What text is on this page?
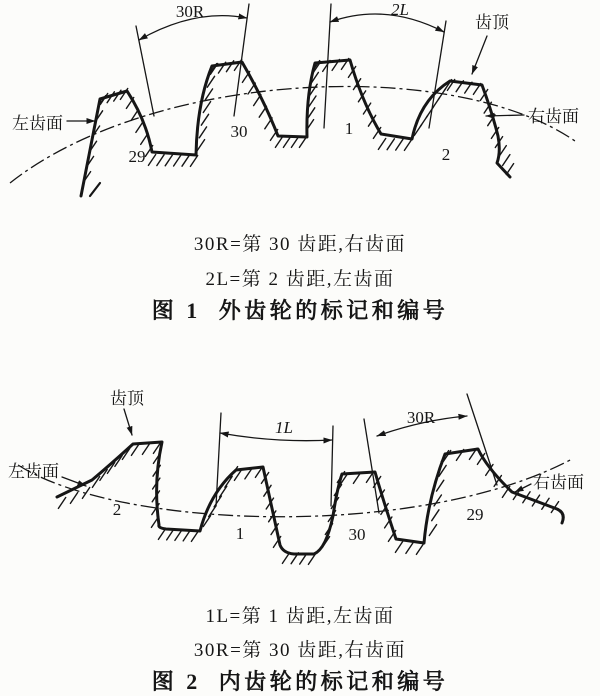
30R	2L
齿顶
左齿面	右齿面
29
30	1
2
30R=第 30 齿距,右齿面
2L=第 2 齿距,左齿面
图 1  外齿轮的标记和编号
齿顶
左齿面
右齿面
1L
30R
2
1	30
29
1L=第 1 齿距,左齿面
30R=第 30 齿距,右齿面
图 2  内齿轮的标记和编号
